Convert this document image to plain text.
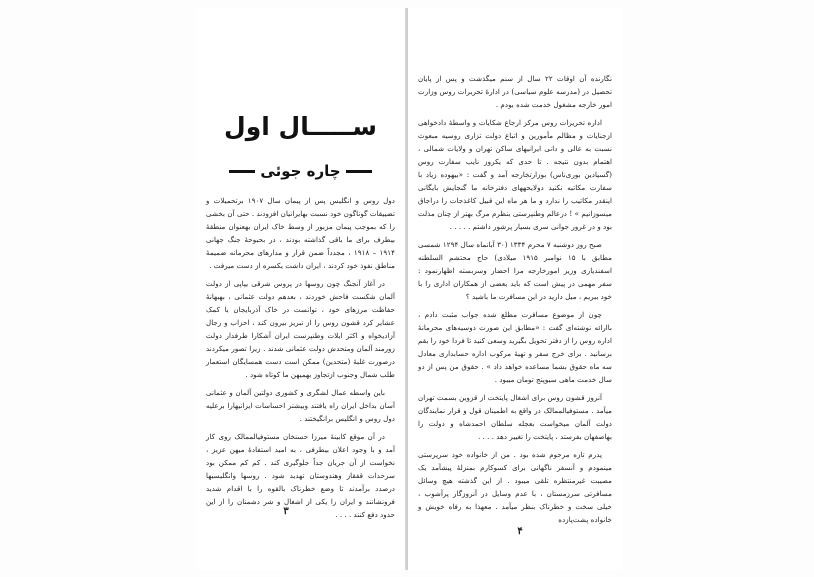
ســـــال اول
چاره جوئی

دول روس و انگلیس پس از پیمان سال ۱۹۰۷ برتحمیلات و تضییقات گوناگون خود نسبت بهایرانیان افزودند . حتی آن بخشی را که بموجب پیمان مزبور از وسط خاک ایران بهعنوان منطقهٔ بیطرف برای ما باقی گذاشته بودند ، در بحبوحهٔ جنگ جهانی ۱۹۱۴ – ۱۹۱۸ ، مجدداً ضمن قرار و مدارهای محرمانه ضمیمهٔ مناطق نفوذ خود کردند ، ایران داشت یکسره از دست میرفت .

در آغاز آنجنگ چون روسها در پروس شرقی یپاپی از دولت آلمان شکست فاحش خوردند ، بعدهم دولت عثمانی ، بهبهانهٔ حفاظت مرزهای خود ، توانست در خاک آذربایجان با کمک عشایر کرد قشون روس را از تبریز بیرون کند ، احزاب و رجال آزادیخواه و اکثر ایلات وطنپرست ایران آشکارا طرفدار دولت زورمند آلمان ومتحدش دولت عثمانی شدند . زیرا تصور میکردند درصورت غلبهٔ (متحدین) ممکن است دست همسایگان استعمار طلب شمال وجنوب ازتجاوز بهمیهن ما کوتاه شود .

باین واسطه عمال لشگری و کشوری دولتین آلمان و عثمانی آسان بداخل ایران راه یافتند وبیشتر احساسات ایرانیهارا برعلیه دول روس و انگلیس برانگیختند .

در آن موقع کابینهٔ میرزا حسنخان مستوفیالممالک روی کار آمد و با وجود اعلان بیطرفی ، به امید استفادهٔ میهن عزیز ، نخواست از آن جریان جداً جلوگیری کند . کم کم ممکن بود سرحدات قفقاز وهندوستان تهدید شود . روسها وانگلیسیها درصدد برآمدند تا وضع خطرناک بالقوه را با اقدام شدید فرونشانند و ایران را یکی از اشغال و شر دشمنان را از این حدود دفع کنند . . . .

۳

نگارنده آن اوقات ۲۲ سال از سنم میگذشت و پس از پایان تحصیل در (مدرسه علوم سیاسی) در ادارهٔ تحریرات روس وزارت امور خارجه مشغول خدمت شده بودم .

اداره تحریرات روس مرکز ارجاع شکایات و واسطهٔ دادخواهی ازجنایات و مظالم مأمورین و اتباع دولت تزاری روسیه مبعوث نسبت به عالی و دانی ایرانیهای ساکن تهران و ولایات شمالی ، اهتمام بدون نتیجه . تا حدی که یکروز نایب سفارت روس (گسیادین بوری‌ناس) بوزارتخارجه آمد و گفت : «بیهوده زیاد با سفارت مکاتبه نکنید دولایحههای دفترخانه ما گنجایش بایگانی اینقدر مکاتیب را ندارد و ما هر ماه این قبیل کاغذجات را دراجاق میسوزانیم » ! درعالم وطنپرستی بنظرم مرگ بهتر از چنان مذلت بود و در غرور جوانی سری بسیار پرشور داشتم . . . . .

صبح روز دوشنبه ۷ محرم ۱۳۳۴ (۳۰ آبانماه سال ۱۲۹۴ شمسی مطابق با ۱۵ نوامبر ۱۹۱۵ میلادی) حاج محتشم السلطنه اسفندیاری وزیر امورخارجه مرا احضار وسربسته اظهارنمود : سفر مهمی در پیش است که باید بعضی از همکاران اداری را با خود ببریم ، میل دارید در این مسافرت ما باشید ؟

چون از موضوع مسافرت مطلع شده جواب مثبت دادم ، باارائه نوشته‌ای گفت : «مطابق این صورت دوسیه‌های محرمانهٔ اداره روس را از دفتر تحویل بگیرید وسعی کنید تا فردا خود را بقم برسانید . برای خرج سفر و تهیهٔ مرکوب اداره حسابداری معادل سه ماه حقوق بشما مساعده خواهد داد » . حقوق من پس از دو سال خدمت ماهی سیوپنج تومان میبود .

آنروز قشون روس برای اشغال پایتخت از قزوین بسمت تهران میآمد . مستوفیالممالک در واقع به اطمینان قول و قرار نمایندگان دولت آلمان میخواست بعجله سلطان احمدشاه و دولت را بهاصفهان بفرستد ، پایتخت را تغییر دهد . . . .

پدرم تازه مرحوم شده بود . من از خانواده خود سرپرستی مینمودم و آنسفر ناگهانی برای کسوکارم بمنزلهٔ پیشآمد یک مصیبت غیرمنتظره تلقی میبود . از این گذشته هیچ وسائل مسافرتی سرزمستان ، با عدم وسایل در آنروزگار پرآشوب ، خیلی سخت و خطرناک بنظر میآمد . معهذا به رفاه خویش و خانواده پشت‌پازده

۴
